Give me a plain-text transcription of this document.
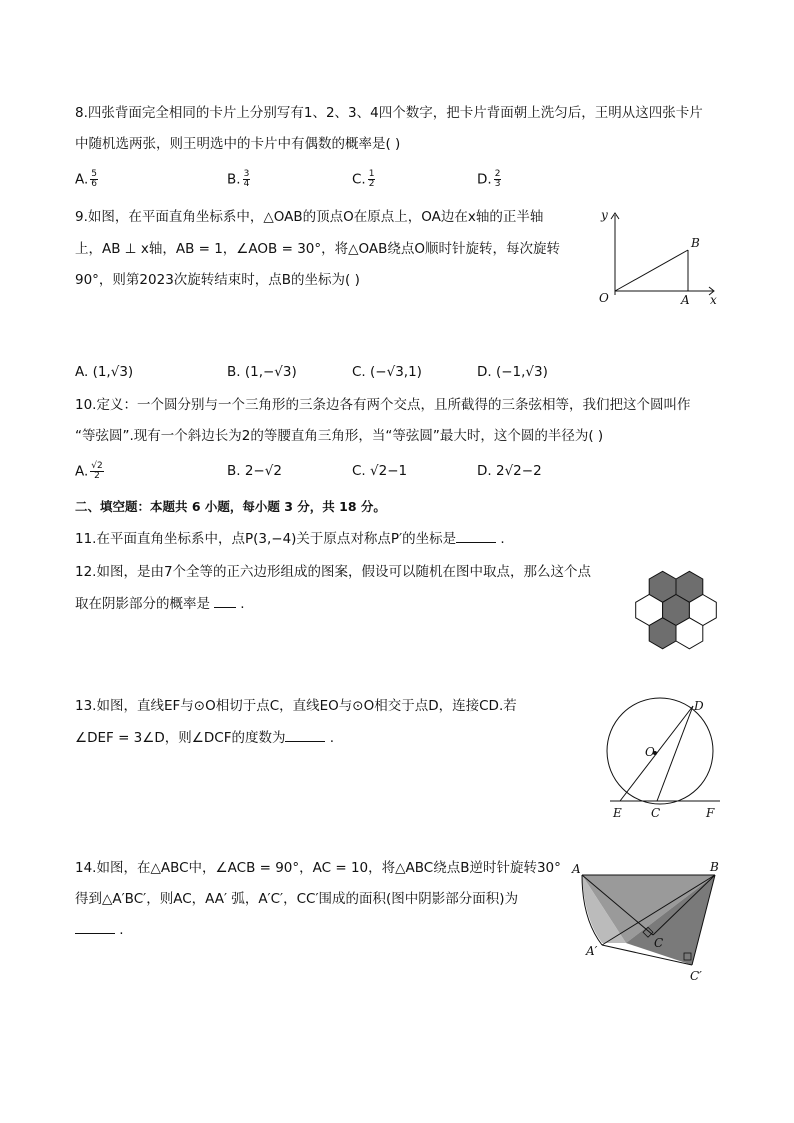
8.四张背面完全相同的卡片上分别写有1、2、3、4四个数字，把卡片背面朝上洗匀后，王明从这四张卡片
中随机选两张，则王明选中的卡片中有偶数的概率是( )
A. $\frac{5}{6}$	B. $\frac{3}{4}$	C. $\frac{1}{2}$	D. $\frac{2}{3}$
9.如图，在平面直角坐标系中，△OAB的顶点O在原点上，OA边在x轴的正半轴
上，AB ⊥ x轴，AB = 1，∠AOB = 30°，将△OAB绕点O顺时针旋转，每次旋转
90°，则第2023次旋转结束时，点B的坐标为( )
y
x
O	A
B
A. (1,√3)	B. (1,−√3)	C. (−√3,1)	D. (−1,√3)
10.定义：一个圆分别与一个三角形的三条边各有两个交点，且所截得的三条弦相等，我们把这个圆叫作
“等弦圆”.现有一个斜边长为2的等腰直角三角形，当“等弦圆”最大时，这个圆的半径为( )
A. $\frac{√2}{2}$	B. 2−√2	C. √2−1	D. 2√2−2
二、填空题：本题共 6 小题，每小题 3 分，共 18 分。
11.在平面直角坐标系中，点P(3,−4)关于原点对称点P′的坐标是	.
12.如图，是由7个全等的正六边形组成的图案，假设可以随机在图中取点，那么这个点
取在阴影部分的概率是 .
13.如图，直线EF与⊙O相切于点C，直线EO与⊙O相交于点D，连接CD.若
∠DEF = 3∠D，则∠DCF的度数为	.
D
O
E C	F
14.如图，在△ABC中，∠ACB = 90°，AC = 10，将△ABC绕点B逆时针旋转30°
得到△A′BC′，则AC，AA′ 弧，A′C′，CC′围成的面积(图中阴影部分面积)为
.
A	B
A′
C
C′
